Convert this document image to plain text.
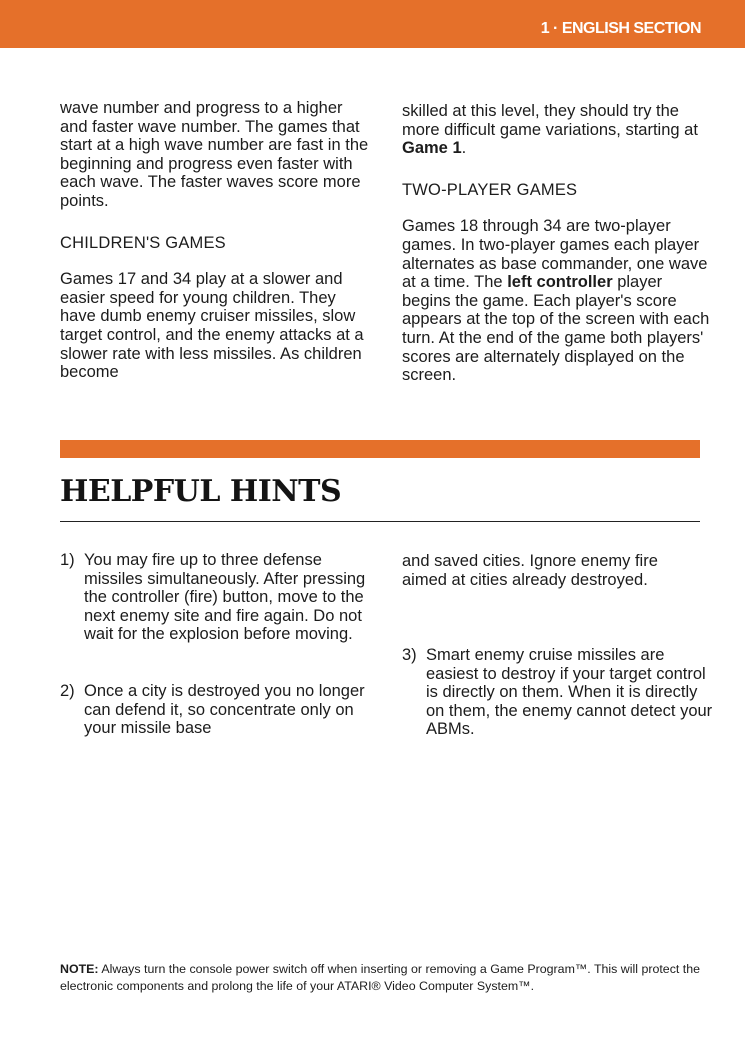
1 · ENGLISH SECTION

wave number and progress to a higher and faster wave number. The games that start at a high wave number are fast in the beginning and progress even faster with each wave. The faster waves score more points.

CHILDREN'S GAMES

Games 17 and 34 play at a slower and easier speed for young children. They have dumb enemy cruiser missiles, slow target control, and the enemy attacks at a slower rate with less missiles. As children become

skilled at this level, they should try the more difficult game variations, starting at Game 1.

TWO-PLAYER GAMES

Games 18 through 34 are two-player games. In two-player games each player alternates as base commander, one wave at a time. The left controller player begins the game. Each player's score appears at the top of the screen with each turn. At the end of the game both players' scores are alternately displayed on the screen.

HELPFUL HINTS
1) You may fire up to three defense missiles simultaneously. After pressing the controller (fire) button, move to the next enemy site and fire again. Do not wait for the explosion before moving.
2) Once a city is destroyed you no longer can defend it, so concentrate only on your missile base

and saved cities. Ignore enemy fire aimed at cities already destroyed.

3) Smart enemy cruise missiles are easiest to destroy if your target control is directly on them. When it is directly on them, the enemy cannot detect your ABMs.

NOTE: Always turn the console power switch off when inserting or removing a Game Program™. This will protect the electronic components and prolong the life of your ATARI® Video Computer System™.
